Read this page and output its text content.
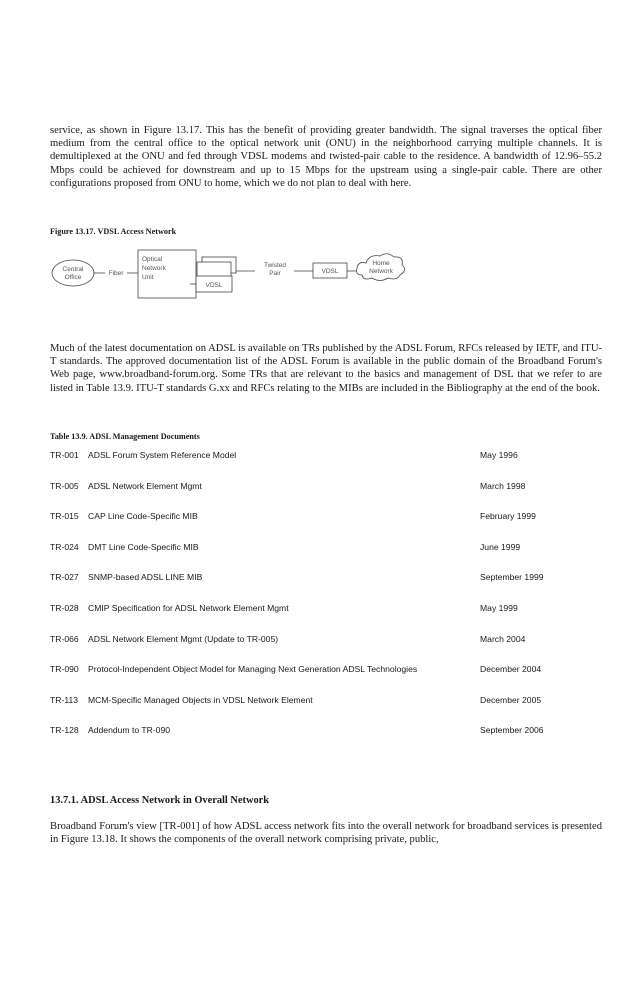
service, as shown in Figure 13.17. This has the benefit of providing greater bandwidth. The signal traverses the optical fiber medium from the central office to the optical network unit (ONU) in the neighborhood carrying multiple channels. It is demultiplexed at the ONU and fed through VDSL modems and twisted-pair cable to the residence. A bandwidth of 12.96–55.2 Mbps could be achieved for downstream and up to 15 Mbps for the upstream using a single-pair cable. There are other configurations proposed from ONU to home, which we do not plan to deal with here.

Figure 13.17. VDSL Access Network

Central
Office
Fiber
Optical
Network
Unit
VDSL
Twisted
Pair	VDSL
Home
Network

Much of the latest documentation on ADSL is available on TRs published by the ADSL Forum, RFCs released by IETF, and ITU-T standards. The approved documentation list of the ADSL Forum is available in the public domain of the Broadband Forum's Web page, www.broadband-forum.org. Some TRs that are relevant to the basics and management of DSL that we refer to are listed in Table 13.9. ITU-T standards G.xx and RFCs relating to the MIBs are included in the Bibliography at the end of the book.

Table 13.9. ADSL Management Documents

TR-001 ADSL Forum System Reference Model	May 1996
TR-005 ADSL Network Element Mgmt	March 1998
TR-015 CAP Line Code-Specific MIB	February 1999
TR-024 DMT Line Code-Specific MIB	June 1999
TR-027 SNMP-based ADSL LINE MIB	September 1999
TR-028 CMIP Specification for ADSL Network Element Mgmt	May 1999
TR-066 ADSL Network Element Mgmt (Update to TR-005)	March 2004
TR-090 Protocol-Independent Object Model for Managing Next Generation ADSL Technologies	December 2004
TR-113 MCM-Specific Managed Objects in VDSL Network Element	December 2005
TR-128 Addendum to TR-090	September 2006

13.7.1. ADSL Access Network in Overall Network

Broadband Forum's view [TR-001] of how ADSL access network fits into the overall network for broadband services is presented in Figure 13.18. It shows the components of the overall network comprising private, public,
